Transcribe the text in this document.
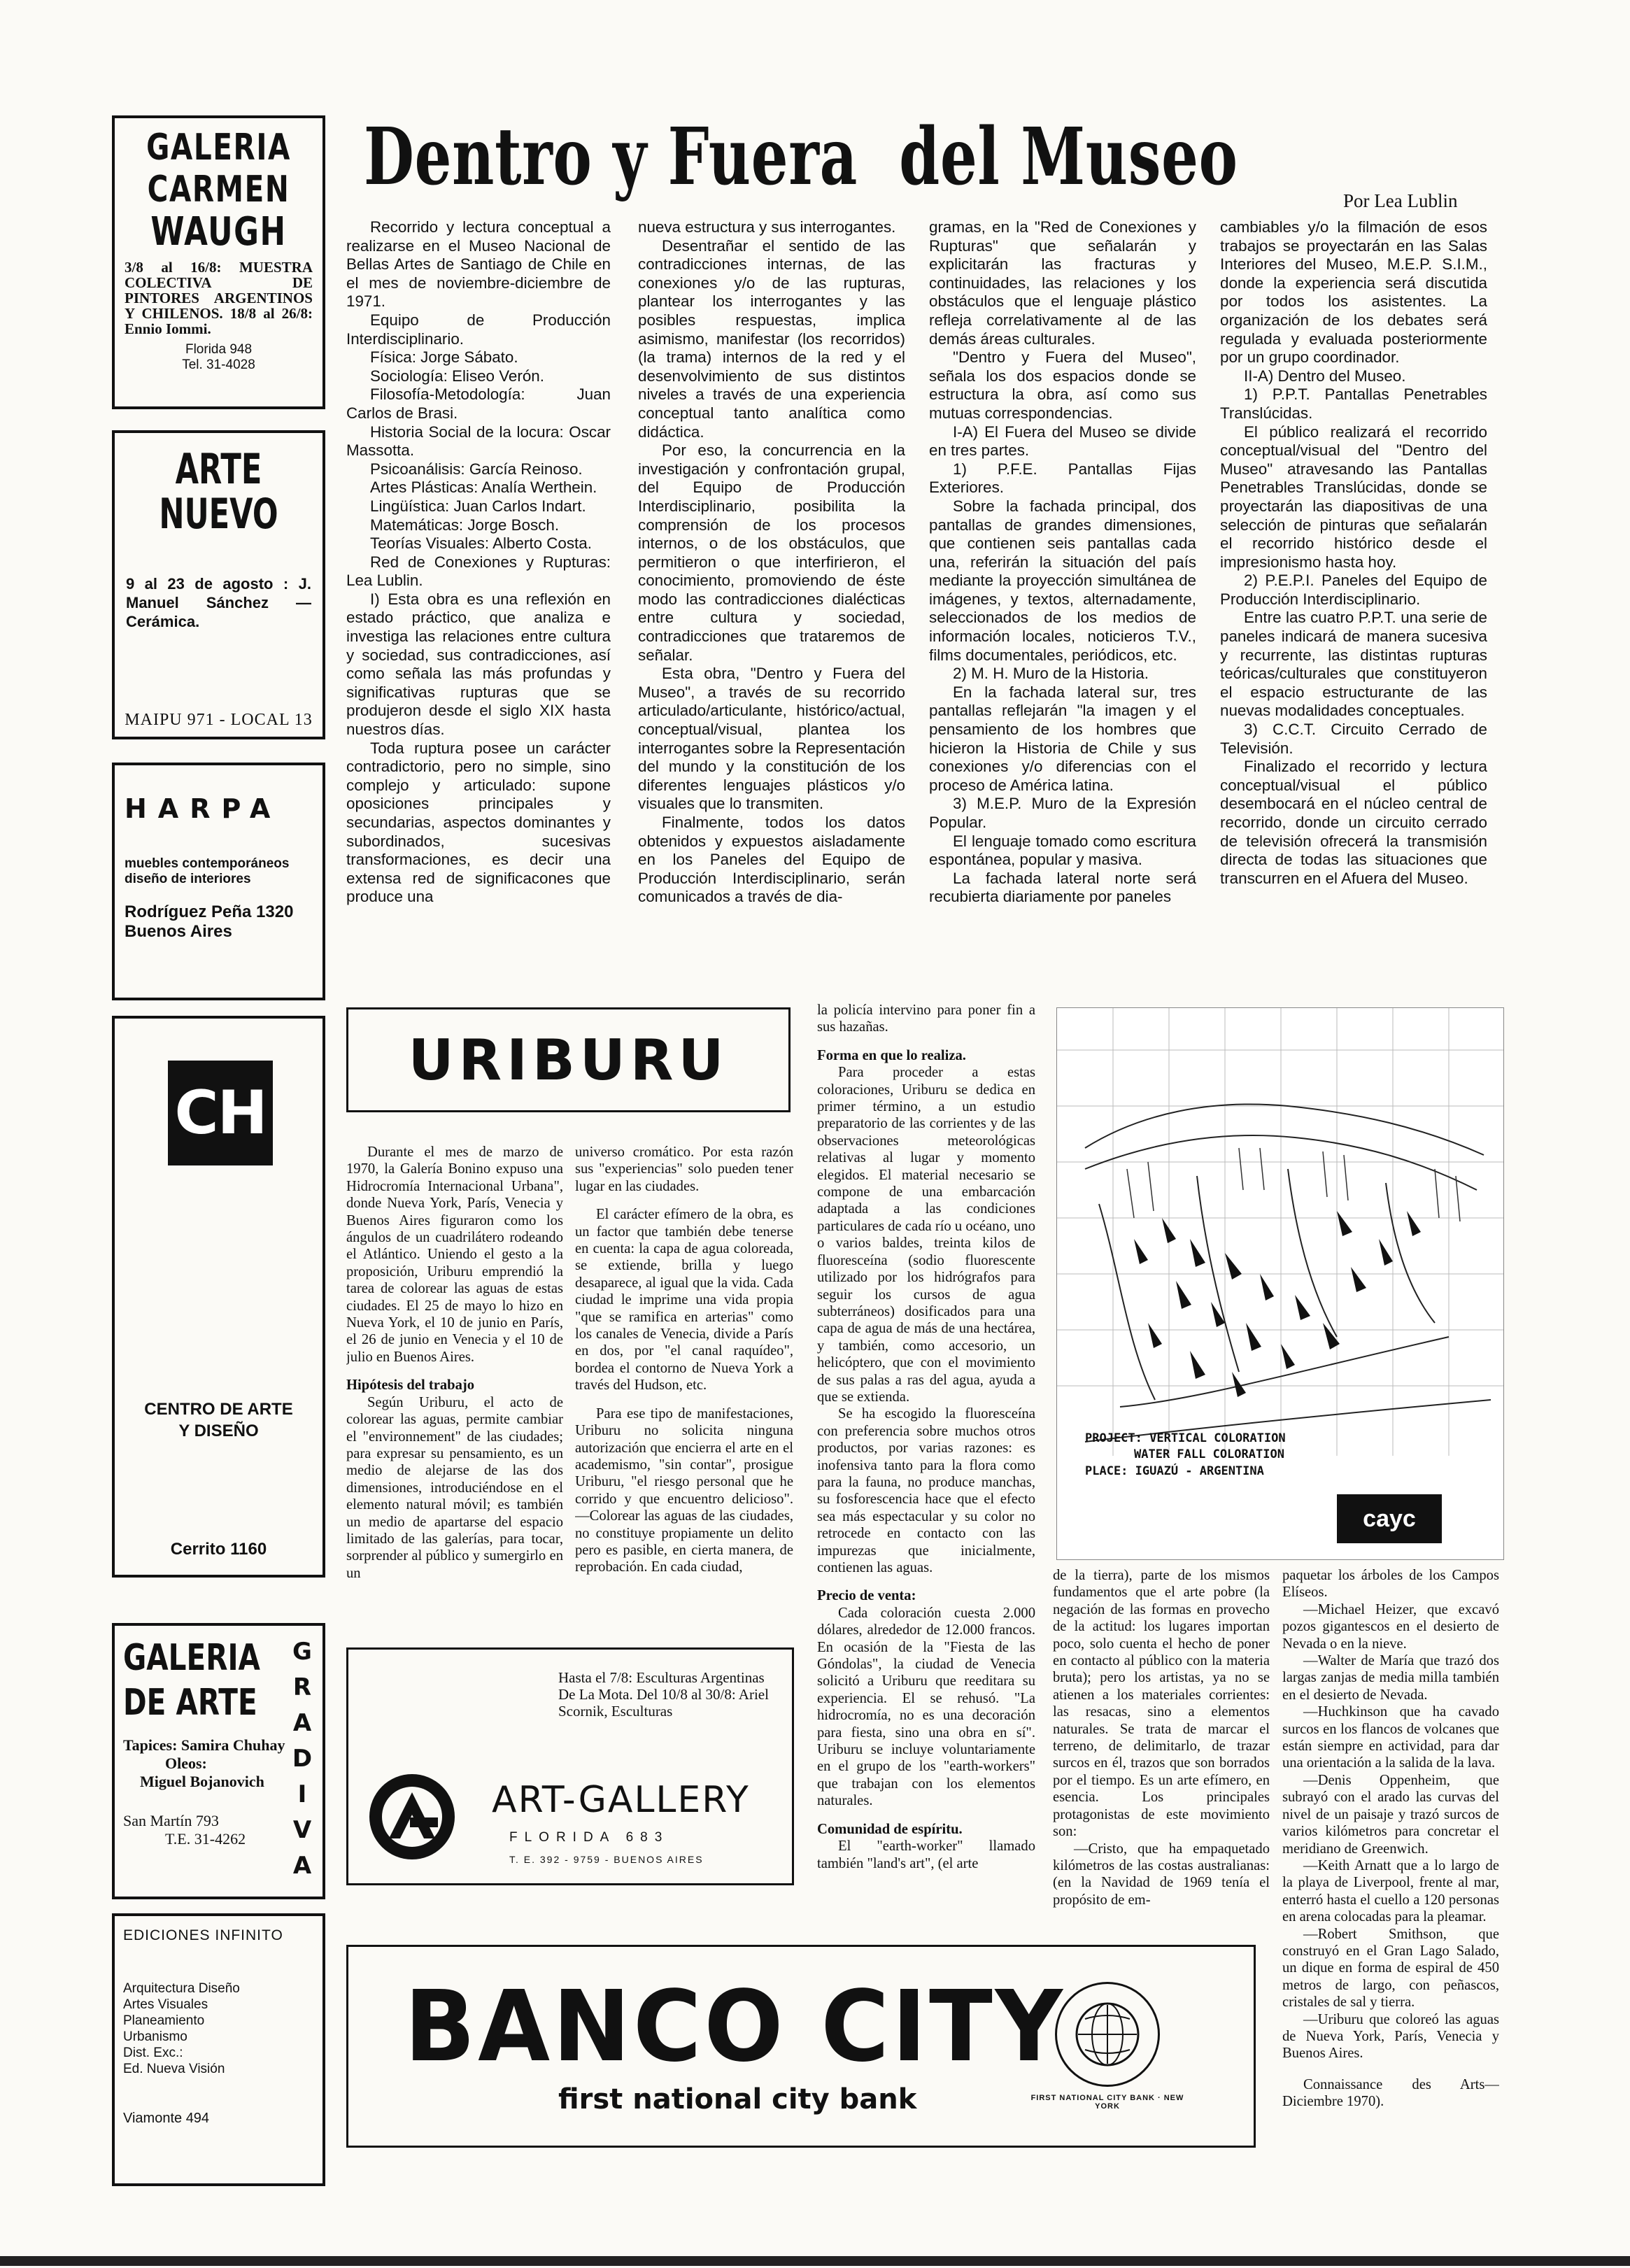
GALERIA
CARMEN
WAUGH
3/8 al 16/8: MUESTRA COLECTIVA DE PINTORES ARGENTINOS Y CHILENOS. 18/8 al 26/8: Ennio Iommi.
Florida 948
Tel. 31-4028
ARTE
NUEVO
9 al 23 de agosto : J. Manuel Sánchez — Cerámica.
MAIPU 971 - LOCAL 13
HARPA
muebles contemporáneos
diseño de interiores
Rodríguez Peña 1320
Buenos Aires
CH
CENTRO DE ARTE
Y DISEÑO
Cerrito 1160
GALERIA
DE ARTE
G
R
A
D
I
V
A
Tapices: Samira Chuhay
Oleos:
Miguel Bojanovich
San Martín 793
T.E. 31-4262
EDICIONES INFINITO
Arquitectura Diseño
Artes Visuales
Planeamiento
Urbanismo
Dist. Exc.:
Ed. Nueva Visión
Viamonte 494
Dentro y Fuera  del Museo	Por Lea Lublin

Recorrido y lectura conceptual a realizarse en el Museo Nacional de Bellas Artes de Santiago de Chile en el mes de noviembre-diciembre de 1971.

Equipo de Producción Interdisciplinario.

Física: Jorge Sábato.

Sociología: Eliseo Verón.

Filosofía-Metodología: Juan Carlos de Brasi.

Historia Social de la locura: Oscar Massotta.

Psicoanálisis: García Reinoso.

Artes Plásticas: Analía Werthein.

Lingüística: Juan Carlos Indart.

Matemáticas: Jorge Bosch.

Teorías Visuales: Alberto Costa.

Red de Conexiones y Rupturas: Lea Lublin.

I) Esta obra es una reflexión en estado práctico, que analiza e investiga las relaciones entre cultura y sociedad, sus contradicciones, así como señala las más profundas y significativas rupturas que se produjeron desde el siglo XIX hasta nuestros días.

Toda ruptura posee un carácter contradictorio, pero no simple, sino complejo y articulado: supone oposiciones principales y secundarias, aspectos dominantes y subordinados, sucesivas transformaciones, es decir una extensa red de significacones que produce una

nueva estructura y sus interrogantes.

Desentrañar el sentido de las contradicciones internas, de las conexiones y/o de las rupturas, plantear los interrogantes y las posibles respuestas, implica asimismo, manifestar (los recorridos) (la trama) internos de la red y el desenvolvimiento de sus distintos niveles a través de una experiencia conceptual tanto analítica como didáctica.

Por eso, la concurrencia en la investigación y confrontación grupal, del Equipo de Producción Interdisciplinario, posibilita la comprensión de los procesos internos, o de los obstáculos, que permitieron o que interfirieron, el conocimiento, promoviendo de éste modo las contradicciones dialécticas entre cultura y sociedad, contradicciones que trataremos de señalar.

Esta obra, "Dentro y Fuera del Museo", a través de su recorrido articulado/articulante, histórico/actual, conceptual/visual, plantea los interrogantes sobre la Representación del mundo y la constitución de los diferentes lenguajes plásticos y/o visuales que lo transmiten.

Finalmente, todos los datos obtenidos y expuestos aisladamente en los Paneles del Equipo de Producción Interdisciplinario, serán comunicados a través de dia-

gramas, en la "Red de Conexiones y Rupturas" que señalarán y explicitarán las fracturas y continuidades, las relaciones y los obstáculos que el lenguaje plástico refleja correlativamente al de las demás áreas culturales.

"Dentro y Fuera del Museo", señala los dos espacios donde se estructura la obra, así como sus mutuas correspondencias.

I-A) El Fuera del Museo se divide en tres partes.

1) P.F.E. Pantallas Fijas Exteriores.

Sobre la fachada principal, dos pantallas de grandes dimensiones, que contienen seis pantallas cada una, referirán la situación del país mediante la proyección simultánea de imágenes, y textos, alternadamente, seleccionados de los medios de información locales, noticieros T.V., films documentales, periódicos, etc.

2) M. H. Muro de la Historia.

En la fachada lateral sur, tres pantallas reflejarán "la imagen y el pensamiento de los hombres que hicieron la Historia de Chile y sus conexiones y/o diferencias con el proceso de América latina.

3) M.E.P. Muro de la Expresión Popular.

El lenguaje tomado como escritura espontánea, popular y masiva.

La fachada lateral norte será recubierta diariamente por paneles

cambiables y/o la filmación de esos trabajos se proyectarán en las Salas Interiores del Museo, M.E.P. S.I.M., donde la experiencia será discutida por todos los asistentes. La organización de los debates será regulada y evaluada posteriormente por un grupo coordinador.

II-A) Dentro del Museo.

1) P.P.T. Pantallas Penetrables Translúcidas.

El público realizará el recorrido conceptual/visual del "Dentro del Museo" atravesando las Pantallas Penetrables Translúcidas, donde se proyectarán las diapositivas de una selección de pinturas que señalarán el recorrido histórico desde el impresionismo hasta hoy.

2) P.E.P.I. Paneles del Equipo de Producción Interdisciplinario.

Entre las cuatro P.P.T. una serie de paneles indicará de manera sucesiva y recurrente, las distintas rupturas teóricas/culturales que constituyeron el espacio estructurante de las nuevas modalidades conceptuales.

3) C.C.T. Circuito Cerrado de Televisión.

Finalizado el recorrido y lectura conceptual/visual el público desembocará en el núcleo central de recorrido, donde un circuito cerrado de televisión ofrecerá la transmisión directa de todas las situaciones que transcurren en el Afuera del Museo.

URIBURU

Durante el mes de marzo de 1970, la Galería Bonino expuso una Hidrocromía Internacional Urbana", donde Nueva York, París, Venecia y Buenos Aires figuraron como los ángulos de un cuadrilátero rodeando el Atlántico. Uniendo el gesto a la proposición, Uriburu emprendió la tarea de colorear las aguas de estas ciudades. El 25 de mayo lo hizo en Nueva York, el 10 de junio en París, el 26 de junio en Venecia y el 10 de julio en Buenos Aires.

Hipótesis del trabajo

Según Uriburu, el acto de colorear las aguas, permite cambiar el "environnement" de las ciudades; para expresar su pensamiento, es un medio de alejarse de las dos dimensiones, introduciéndose en el elemento natural móvil; es también un medio de apartarse del espacio limitado de las galerías, para tocar, sorprender al público y sumergirlo en un

universo cromático. Por esta razón sus "experiencias" solo pueden tener lugar en las ciudades.

El carácter efímero de la obra, es un factor que también debe tenerse en cuenta: la capa de agua coloreada, se extiende, brilla y luego desaparece, al igual que la vida. Cada ciudad le imprime una vida propia "que se ramifica en arterias" como los canales de Venecia, divide a París en dos, por "el canal raquídeo", bordea el contorno de Nueva York a través del Hudson, etc.

Para ese tipo de manifestaciones, Uriburu no solicita ninguna autorización que encierra el arte en el academismo, "sin contar", prosigue Uriburu, "el riesgo personal que he corrido y que encuentro delicioso". —Colorear las aguas de las ciudades, no constituye propiamente un delito pero es pasible, en cierta manera, de reprobación. En cada ciudad,

la policía intervino para poner fin a sus hazañas.

Forma en que lo realiza.

Para proceder a estas coloraciones, Uriburu se dedica en primer término, a un estudio preparatorio de las corrientes y de las observaciones meteorológicas relativas al lugar y momento elegidos. El material necesario se compone de una embarcación adaptada a las condiciones particulares de cada río u océano, uno o varios baldes, treinta kilos de fluoresceína (sodio fluorescente utilizado por los hidrógrafos para seguir los cursos de agua subterráneos) dosificados para una capa de agua de más de una hectárea, y también, como accesorio, un helicóptero, que con el movimiento de sus palas a ras del agua, ayuda a que se extienda.

Se ha escogido la fluoresceína con preferencia sobre muchos otros productos, por varias razones: es inofensiva tanto para la flora como para la fauna, no produce manchas, su fosforescencia hace que el efecto sea más espectacular y su color no retrocede en contacto con las impurezas que inicialmente, contienen las aguas.

Precio de venta:

Cada coloración cuesta 2.000 dólares, alrededor de 12.000 francos. En ocasión de la "Fiesta de las Góndolas", la ciudad de Venecia solicitó a Uriburu que reeditara su experiencia. El se rehusó. "La hidrocromía, no es una decoración para fiesta, sino una obra en sí". Uriburu se incluye voluntariamente en el grupo de los "earth-workers" que trabajan con los elementos naturales.

Comunidad de espíritu.

El "earth-worker" llamado también "land's art", (el arte

PROJECT: VERTICAL COLORATION
WATER FALL COLORATION
PLACE: IGUAZÚ - ARGENTINA
cayc

de la tierra), parte de los mismos fundamentos que el arte pobre (la negación de las formas en provecho de la actitud: los lugares importan poco, solo cuenta el hecho de poner en contacto al público con la materia bruta); pero los artistas, ya no se atienen a los materiales corrientes: las resacas, sino a elementos naturales. Se trata de marcar el terreno, de delimitarlo, de trazar surcos en él, trazos que son borrados por el tiempo. Es un arte efímero, en esencia. Los principales protagonistas de este movimiento son:

—Cristo, que ha empaquetado kilómetros de las costas australianas: (en la Navidad de 1969 tenía el propósito de em-

paquetar los árboles de los Campos Elíseos.

—Michael Heizer, que excavó pozos gigantescos en el desierto de Nevada o en la nieve.

—Walter de María que trazó dos largas zanjas de media milla también en el desierto de Nevada.

—Huchkinson que ha cavado surcos en los flancos de volcanes que están siempre en actividad, para dar una orientación a la salida de la lava.

—Denis Oppenheim, que subrayó con el arado las curvas del nivel de un paisaje y trazó surcos de varios kilómetros para concretar el meridiano de Greenwich.

—Keith Arnatt que a lo largo de la playa de Liverpool, frente al mar, enterró hasta el cuello a 120 personas en arena colocadas para la pleamar.

—Robert Smithson, que construyó en el Gran Lago Salado, un dique en forma de espiral de 450 metros de largo, con peñascos, cristales de sal y tierra.

—Uriburu que coloreó las aguas de Nueva York, París, Venecia y Buenos Aires.

Connaissance des Arts—Diciembre 1970).

Hasta el 7/8: Esculturas Argentinas De La Mota. Del 10/8 al 30/8: Ariel Scornik, Esculturas
ART-GALLERY
FLORIDA 683
T. E. 392 - 9759 - BUENOS AIRES
BANCO CITY
first national city bank	FIRST NATIONAL CITY BANK · NEW YORK
